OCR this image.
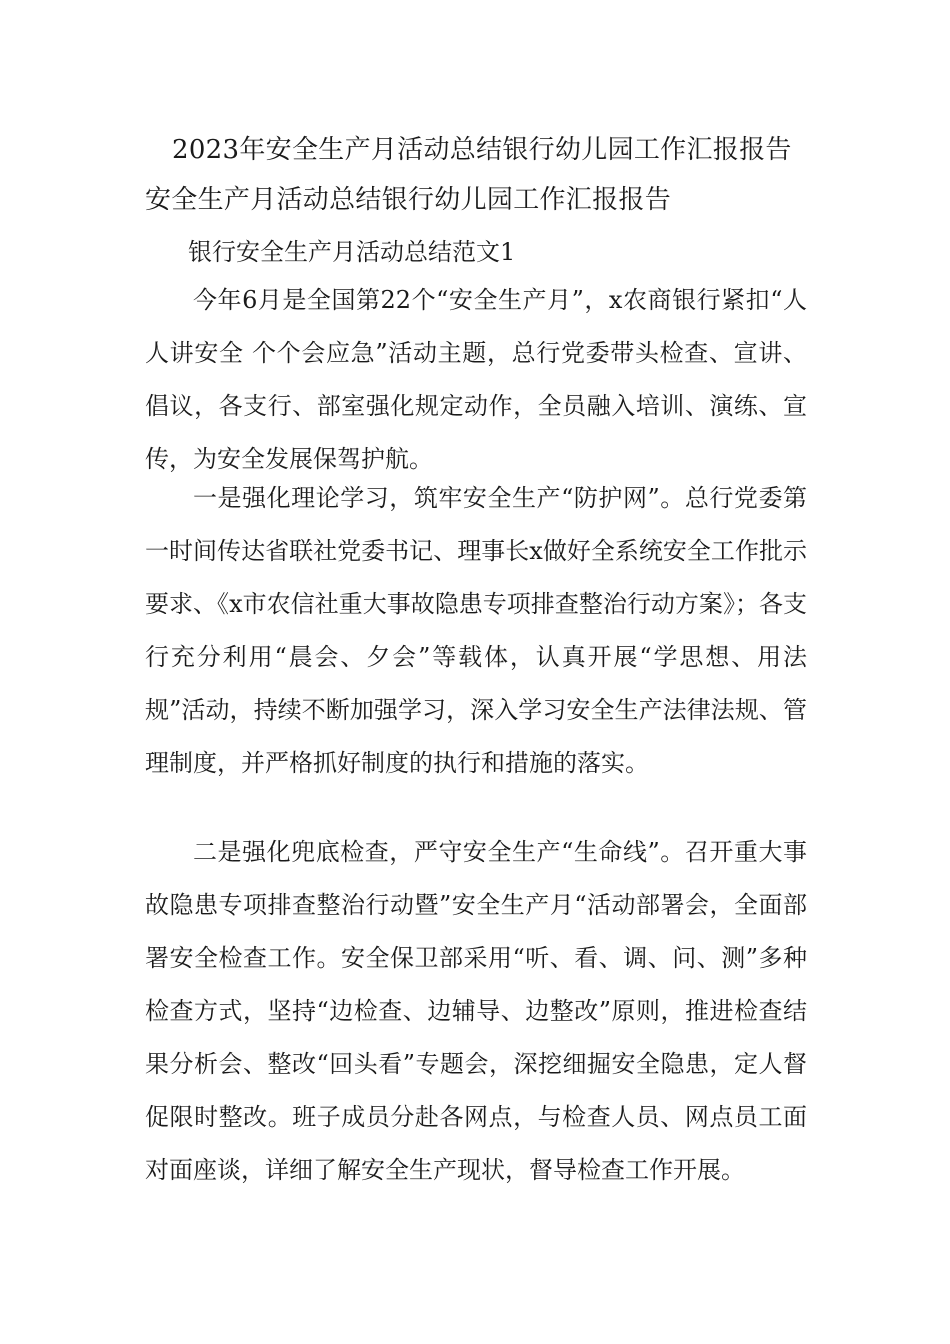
2023年安全生产月活动总结银行幼儿园工作汇报报告
安全生产月活动总结银行幼儿园工作汇报报告
银行安全生产月活动总结范文1

今年6月是全国第22个“安全生产月”，x农商银行紧扣“人人讲安全 个个会应急”活动主题，总行党委带头检查、宣讲、倡议，各支行、部室强化规定动作，全员融入培训、演练、宣传，为安全发展保驾护航。

一是强化理论学习，筑牢安全生产“防护网”。总行党委第一时间传达省联社党委书记、理事长x做好全系统安全工作批示要求、《x市农信社重大事故隐患专项排查整治行动方案》；各支行充分利用“晨会、夕会”等载体，认真开展“学思想、用法规”活动，持续不断加强学习，深入学习安全生产法律法规、管理制度，并严格抓好制度的执行和措施的落实。

二是强化兜底检查，严守安全生产“生命线”。召开重大事故隐患专项排查整治行动暨”安全生产月“活动部署会，全面部署安全检查工作。安全保卫部采用“听、看、调、问、测”多种检查方式，坚持“边检查、边辅导、边整改”原则，推进检查结果分析会、整改“回头看”专题会，深挖细掘安全隐患，定人督促限时整改。班子成员分赴各网点，与检查人员、网点员工面对面座谈，详细了解安全生产现状，督导检查工作开展。
